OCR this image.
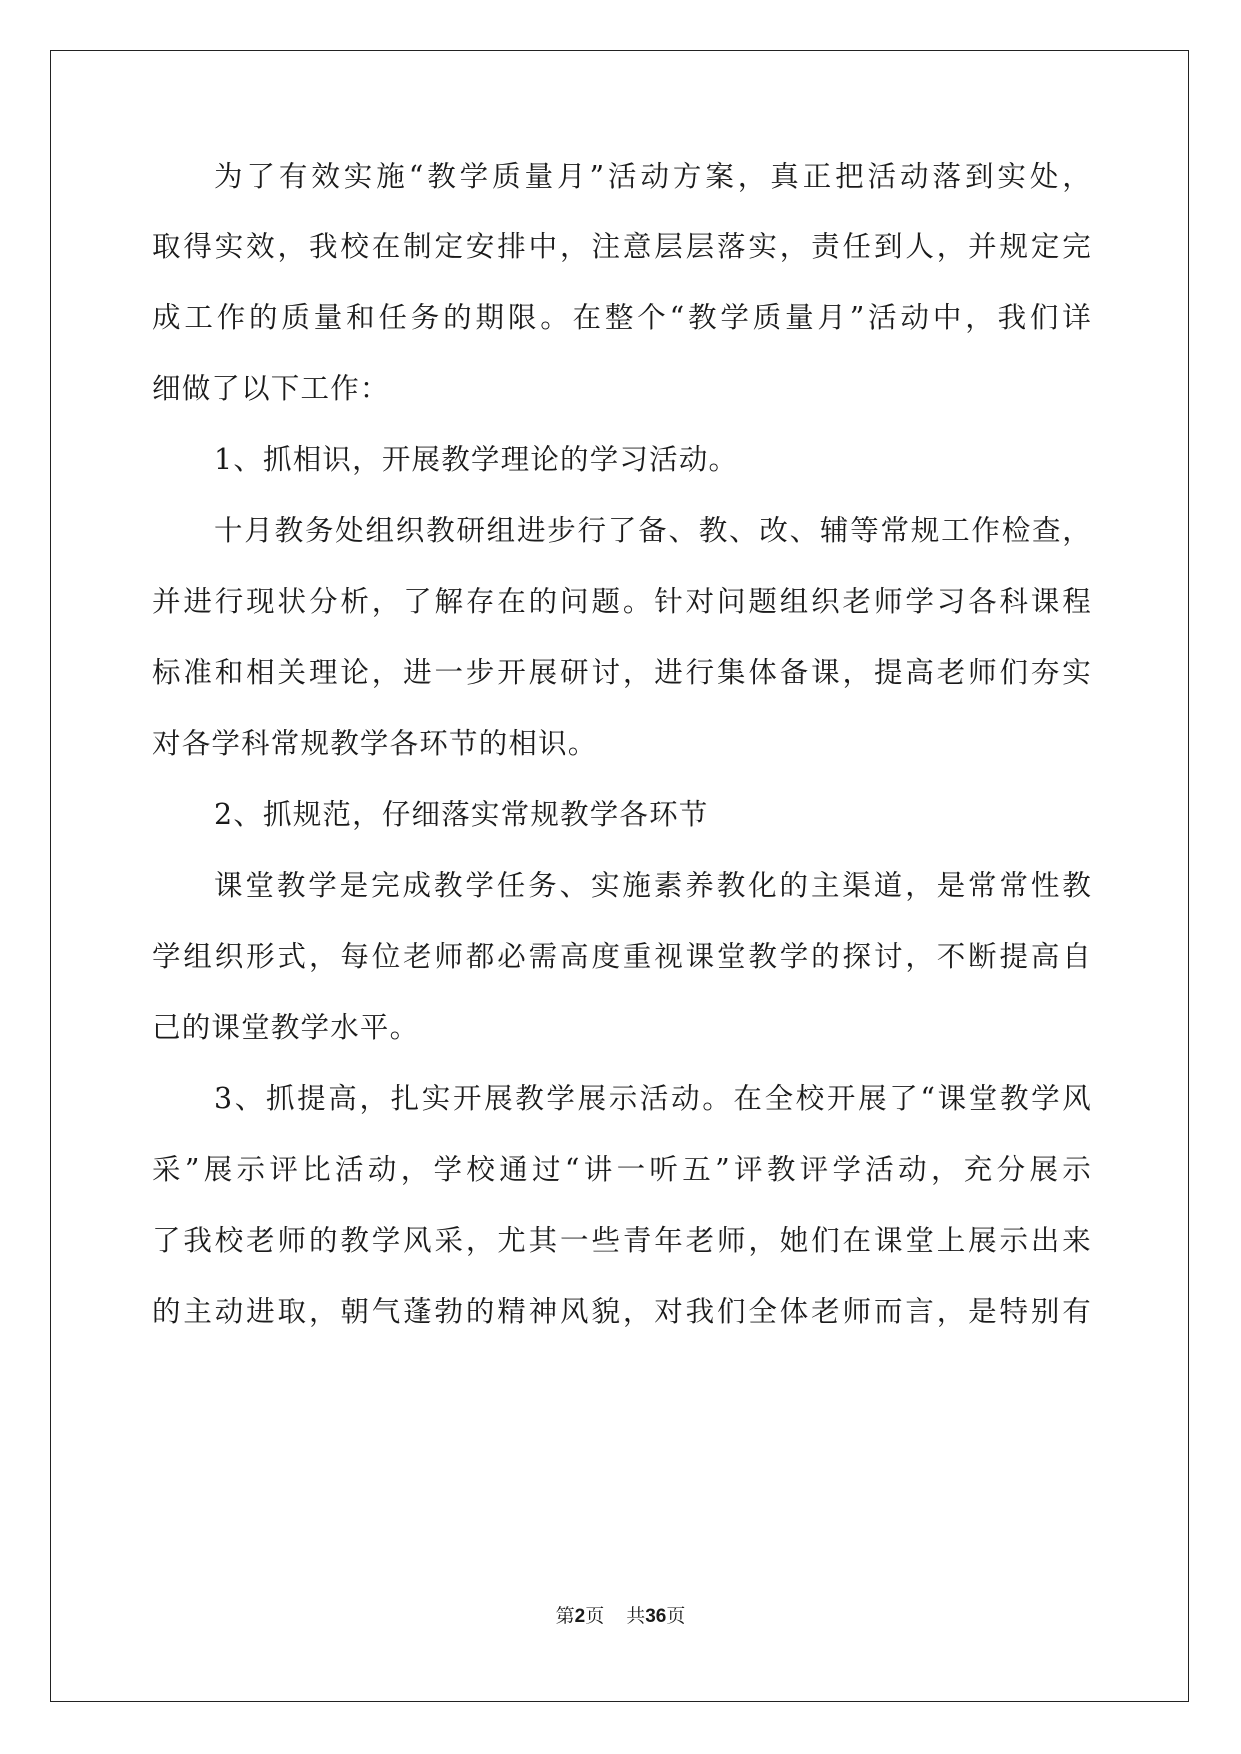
为了有效实施“教学质量月”活动方案，真正把活动落到实处，
取得实效，我校在制定安排中，注意层层落实，责任到人，并规定完
成工作的质量和任务的期限。在整个“教学质量月”活动中，我们详
细做了以下工作：
1、抓相识，开展教学理论的学习活动。
十月教务处组织教研组进步行了备、教、改、辅等常规工作检查，
并进行现状分析，了解存在的问题。针对问题组织老师学习各科课程
标准和相关理论，进一步开展研讨，进行集体备课，提高老师们夯实
对各学科常规教学各环节的相识。
2、抓规范，仔细落实常规教学各环节
课堂教学是完成教学任务、实施素养教化的主渠道，是常常性教
学组织形式，每位老师都必需高度重视课堂教学的探讨，不断提高自
己的课堂教学水平。
3、抓提高，扎实开展教学展示活动。在全校开展了“课堂教学风
采”展示评比活动，学校通过“讲一听五”评教评学活动，充分展示
了我校老师的教学风采，尤其一些青年老师，她们在课堂上展示出来
的主动进取，朝气蓬勃的精神风貌，对我们全体老师而言，是特别有
第2页 共36页
